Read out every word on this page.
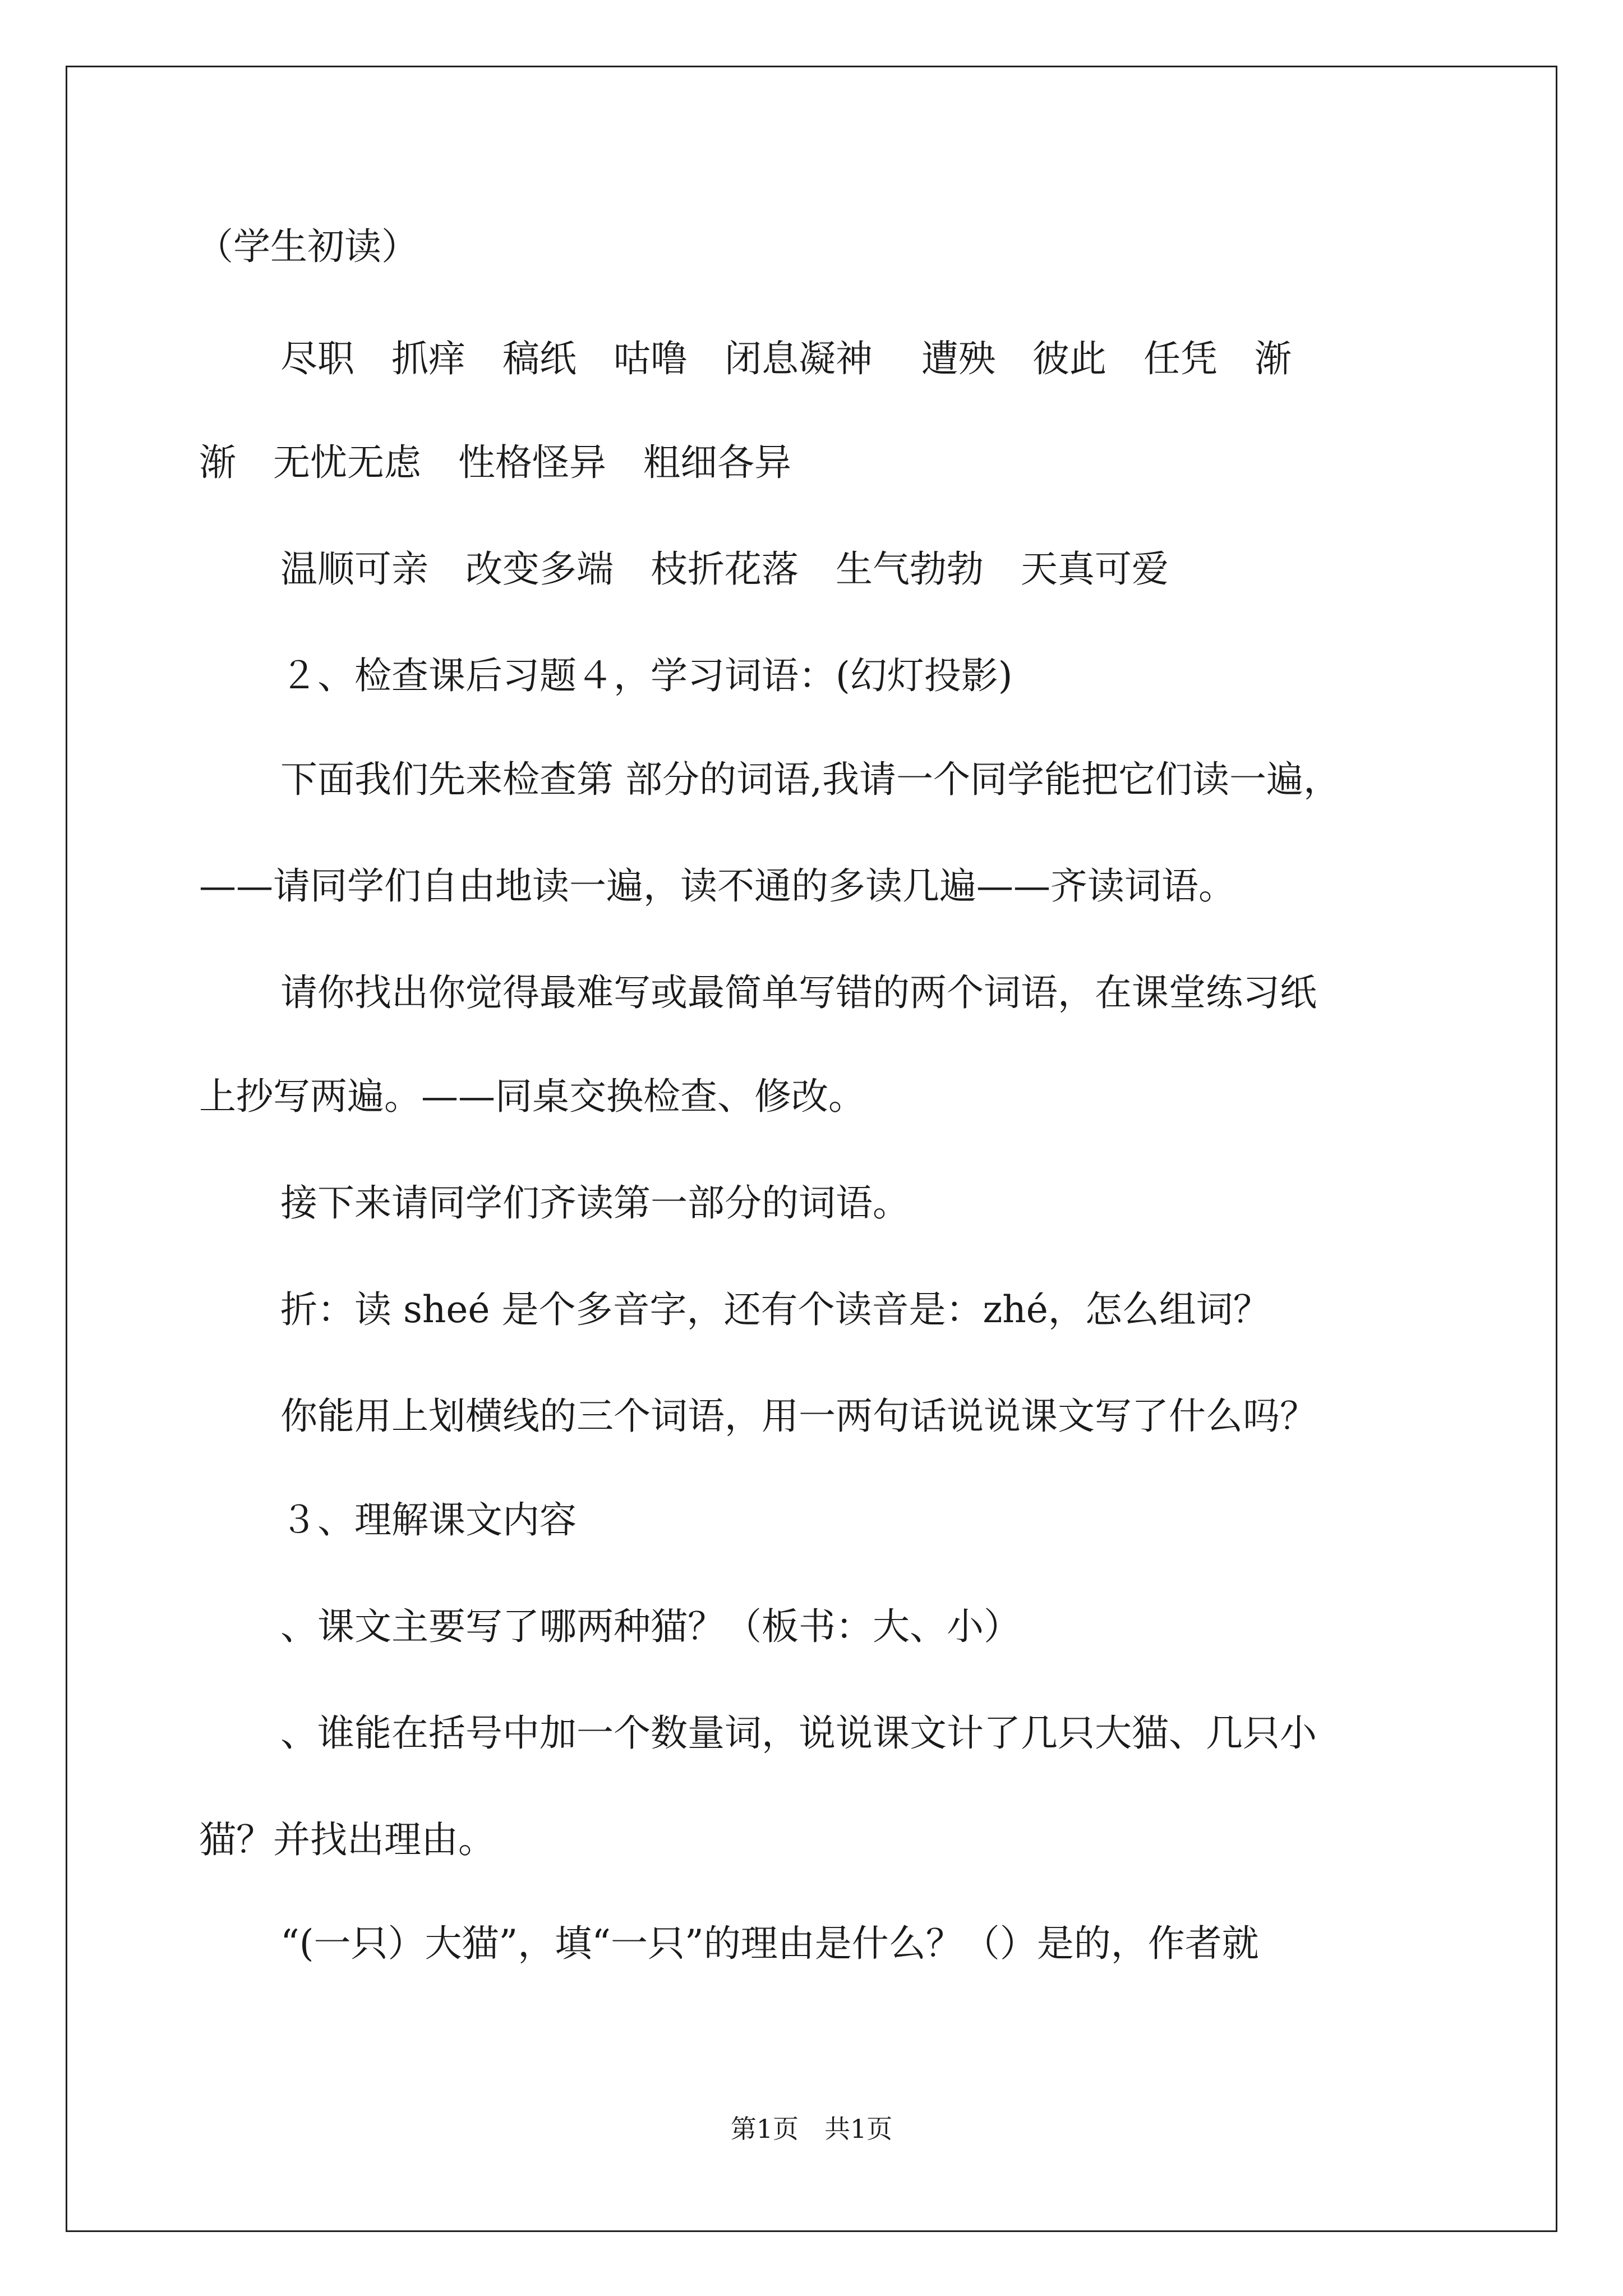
（学生初读）
尽职　抓痒　稿纸　咕噜　闭息凝神　 遭殃　彼此　任凭　渐
渐　无忧无虑　性格怪异　粗细各异
温顺可亲　改变多端　枝折花落　生气勃勃　天真可爱
２、检查课后习题４，学习词语：(幻灯投影)
下面我们先来检查第 部分的词语,我请一个同学能把它们读一遍，
——请同学们自由地读一遍，读不通的多读几遍——齐读词语。
请你找出你觉得最难写或最简单写错的两个词语，在课堂练习纸
上抄写两遍。——同桌交换检查、修改。
接下来请同学们齐读第一部分的词语。
折：读 sheé 是个多音字，还有个读音是：zhé，怎么组词？
你能用上划横线的三个词语，用一两句话说说课文写了什么吗？
３、理解课文内容
、课文主要写了哪两种猫？（板书：大、小）
、谁能在括号中加一个数量词，说说课文计了几只大猫、几只小
猫？并找出理由。
“(一只）大猫”，填“一只”的理由是什么？（）是的，作者就
第1页　共1页
